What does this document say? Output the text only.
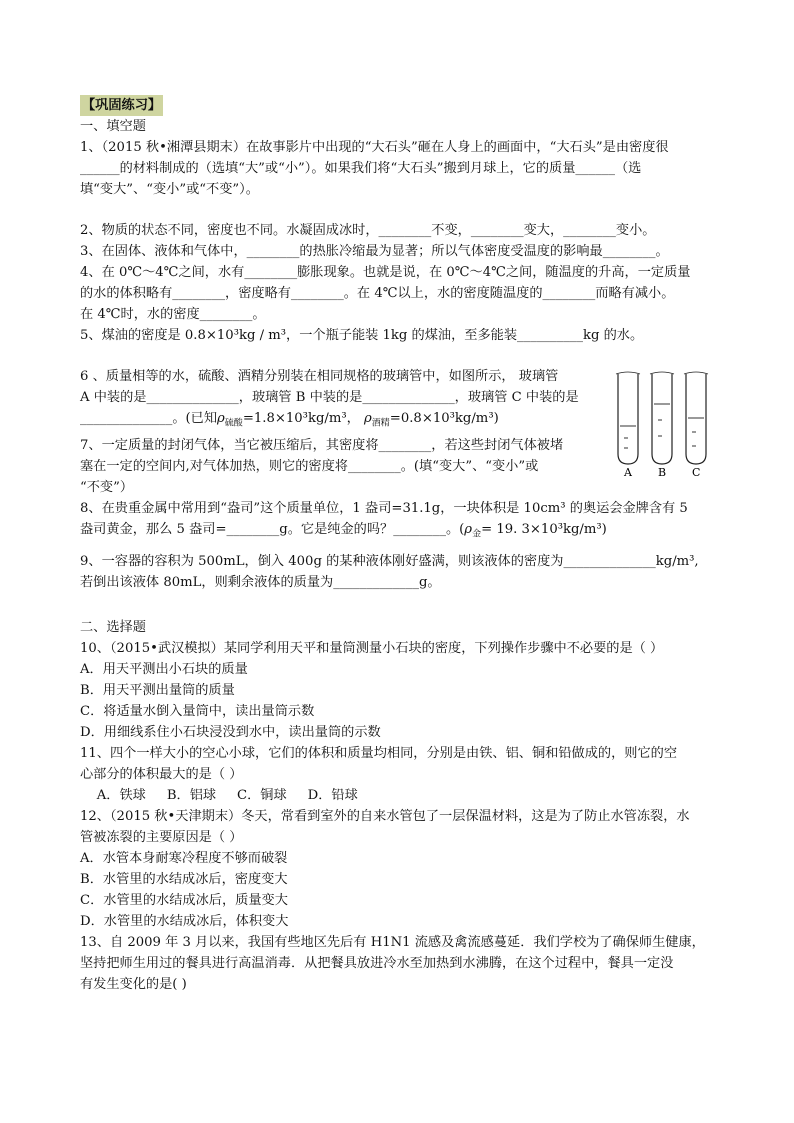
【巩固练习】
一、填空题
1、（2015 秋•湘潭县期末）在故事影片中出现的“大石头”砸在人身上的画面中，“大石头”是由密度很
______的材料制成的（选填“大”或“小”）。如果我们将“大石头”搬到月球上，它的质量______（选
填“变大”、“变小”或“不变”）。
2、物质的状态不同，密度也不同。水凝固成冰时，________不变，________变大，________变小。
3、在固体、液体和气体中，________的热胀冷缩最为显著；所以气体密度受温度的影响最________。
4、在 0℃～4℃之间，水有________膨胀现象。也就是说，在 0℃～4℃之间，随温度的升高，一定质量
的水的体积略有________，密度略有________。在 4℃以上，水的密度随温度的________而略有减小。
在 4℃时，水的密度________。
5、煤油的密度是 0.8×10³kg / m³，一个瓶子能装 1kg 的煤油，至多能装__________kg 的水。
6 、质量相等的水，硫酸、酒精分别装在相同规格的玻璃管中，如图所示， 玻璃管
A 中装的是______________，玻璃管 B 中装的是______________，玻璃管 C 中装的是
______________。(已知$\rho_{硫酸}=1.8\times 10^3kg/m^3$， $\rho_{酒精}=0.8\times 10^3kg/m^3$)
7、一定质量的封闭气体，当它被压缩后，其密度将________，若这些封闭气体被堵
塞在一定的空间内,对气体加热，则它的密度将________。(填“变大”、“变小”或
“不变”）
8、在贵重金属中常用到“盎司”这个质量单位，1 盎司=31.1g，一块体积是 10cm³ 的奥运会金牌含有 5
盎司黄金，那么 5 盎司=________g。它是纯金的吗？________。($\rho_金= 19$. 3×10³kg/m³)
9、一容器的容积为 500mL，倒入 400g 的某种液体刚好盛满，则该液体的密度为______________kg/m³,
若倒出该液体 80mL，则剩余液体的质量为_____________g。
二、选择题
10、（2015•武汉模拟）某同学利用天平和量筒测量小石块的密度，下列操作步骤中不必要的是（ ）
A．用天平测出小石块的质量
B．用天平测出量筒的质量
C．将适量水倒入量筒中，读出量筒示数
D．用细线系住小石块浸没到水中，读出量筒的示数
11、四个一样大小的空心小球，它们的体积和质量均相同，分别是由铁、铝、铜和铅做成的，则它的空
心部分的体积最大的是（ ）
A．铁球     B．铝球     C．铜球     D．铅球
12、（2015 秋•天津期末）冬天，常看到室外的自来水管包了一层保温材料，这是为了防止水管冻裂，水
管被冻裂的主要原因是（ ）
A．水管本身耐寒冷程度不够而破裂
B．水管里的水结成冰后，密度变大
C．水管里的水结成冰后，质量变大
D．水管里的水结成冰后，体积变大
13、自 2009 年 3 月以来，我国有些地区先后有 H1N1 流感及禽流感蔓延．我们学校为了确保师生健康，
坚持把师生用过的餐具进行高温消毒．从把餐具放进冷水至加热到水沸腾，在这个过程中，餐具一定没
有发生变化的是( )
A B C
